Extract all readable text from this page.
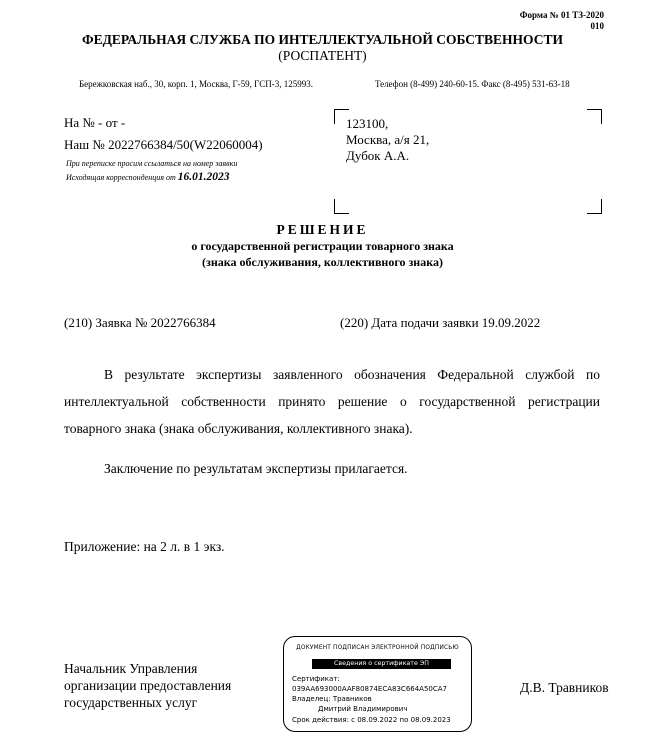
Форма № 01 ТЗ-2020
010
ФЕДЕРАЛЬНАЯ СЛУЖБА ПО ИНТЕЛЛЕКТУАЛЬНОЙ СОБСТВЕННОСТИ
(РОСПАТЕНТ)
Бережковская наб., 30, корп. 1, Москва, Г-59, ГСП-3, 125993.	Телефон (8-499) 240-60-15. Факс (8-495) 531-63-18
На № - от -
Наш № 2022766384/50(W22060004)
При переписке просим ссылаться на номер заявки
Исходящая корреспонденция от 16.01.2023
123100,
Москва, а/я 21,
Дубок А.А.
РЕШЕНИЕ
о государственной регистрации товарного знака
(знака обслуживания, коллективного знака)
(210) Заявка № 2022766384	(220) Дата подачи заявки 19.09.2022
В результате экспертизы заявленного обозначения Федеральной службой по интеллектуальной собственности принято решение о государственной регистрации товарного знака (знака обслуживания, коллективного знака).
Заключение по результатам экспертизы прилагается.
Приложение: на 2 л. в 1 экз.
Начальник Управления
организации предоставления
государственных услуг
Д.В. Травников
ДОКУМЕНТ ПОДПИСАН ЭЛЕКТРОННОЙ ПОДПИСЬЮ
Сведения о сертификате ЭП
Сертификат:
039AA693000AAF80874ECA83C664A50CA7
Владелец: Травников
Дмитрий Владимирович
Срок действия: с 08.09.2022 по 08.09.2023
